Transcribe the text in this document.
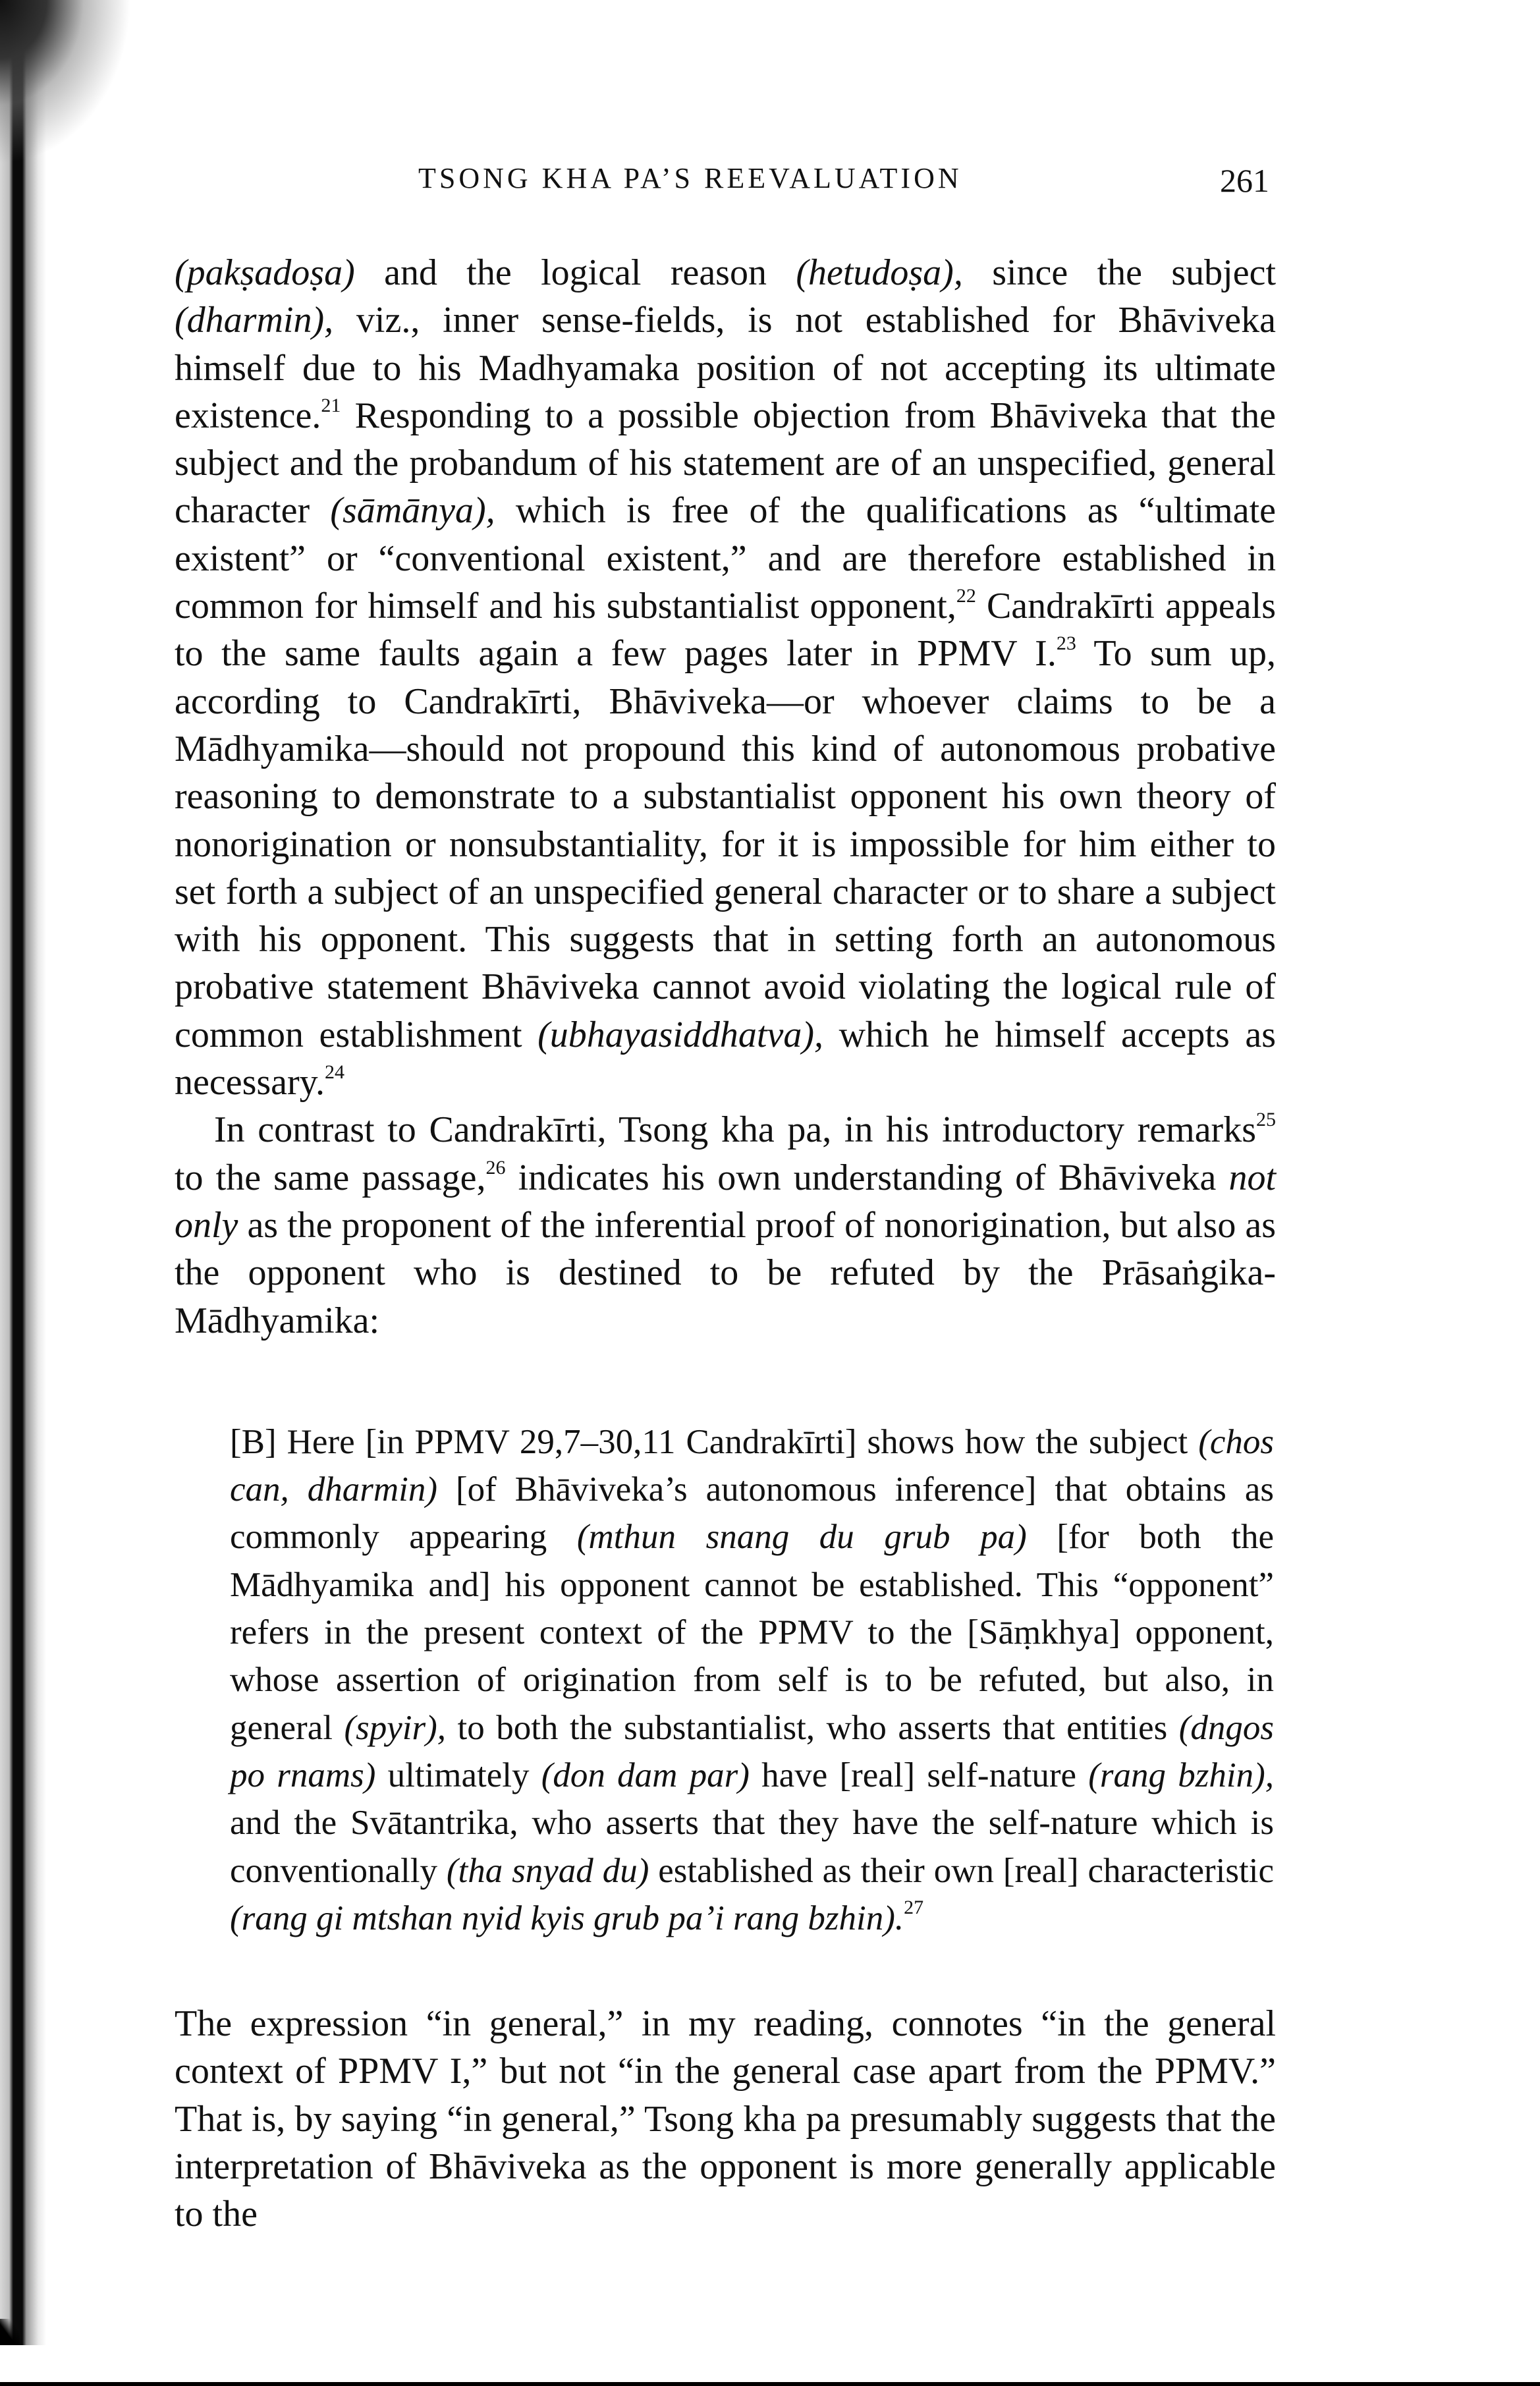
TSONG KHA PA’S REEVALUATION	261

(pakṣadoṣa) and the logical reason (hetudoṣa), since the subject (dharmin), viz., inner sense-fields, is not established for Bhāviveka himself due to his Madhyamaka position of not accepting its ultimate existence.$^{21}$ Responding to a possible objection from Bhāviveka that the subject and the probandum of his statement are of an unspecified, general character (sāmānya), which is free of the qualifications as “ultimate existent” or “conventional existent,” and are therefore established in common for himself and his substantialist opponent,$^{22}$ Candrakīrti appeals to the same faults again a few pages later in PPMV I.$^{23}$ To sum up, according to Candrakīrti, Bhāviveka—or whoever claims to be a Mādhyamika—should not propound this kind of autonomous probative reasoning to demonstrate to a substantialist opponent his own theory of nonorigination or nonsubstantiality, for it is impossible for him either to set forth a subject of an unspecified general character or to share a subject with his opponent. This suggests that in setting forth an autonomous probative statement Bhāviveka cannot avoid violating the logical rule of common establishment (ubhayasiddhatva), which he himself accepts as necessary.$^{24}$

In contrast to Candrakīrti, Tsong kha pa, in his introductory remarks$^{25}$ to the same passage,$^{26}$ indicates his own understanding of Bhāviveka not only as the proponent of the inferential proof of nonorigination, but also as the opponent who is destined to be refuted by the Prāsaṅgika-Mādhyamika:

[B] Here [in PPMV 29,7–30,11 Candrakīrti] shows how the subject (chos can, dharmin) [of Bhāviveka’s autonomous inference] that obtains as commonly appearing (mthun snang du grub pa) [for both the Mādhyamika and] his opponent cannot be established. This “opponent” refers in the present context of the PPMV to the [Sāṃkhya] opponent, whose assertion of origination from self is to be refuted, but also, in general (spyir), to both the substantialist, who asserts that entities (dngos po rnams) ultimately (don dam par) have [real] self-nature (rang bzhin), and the Svātantrika, who asserts that they have the self-nature which is conventionally (tha snyad du) established as their own [real] characteristic (rang gi mtshan nyid kyis grub pa’i rang bzhin).$^{27}$

The expression “in general,” in my reading, connotes “in the general context of PPMV I,” but not “in the general case apart from the PPMV.” That is, by saying “in general,” Tsong kha pa presumably suggests that the interpretation of Bhāviveka as the opponent is more generally applicable to the
